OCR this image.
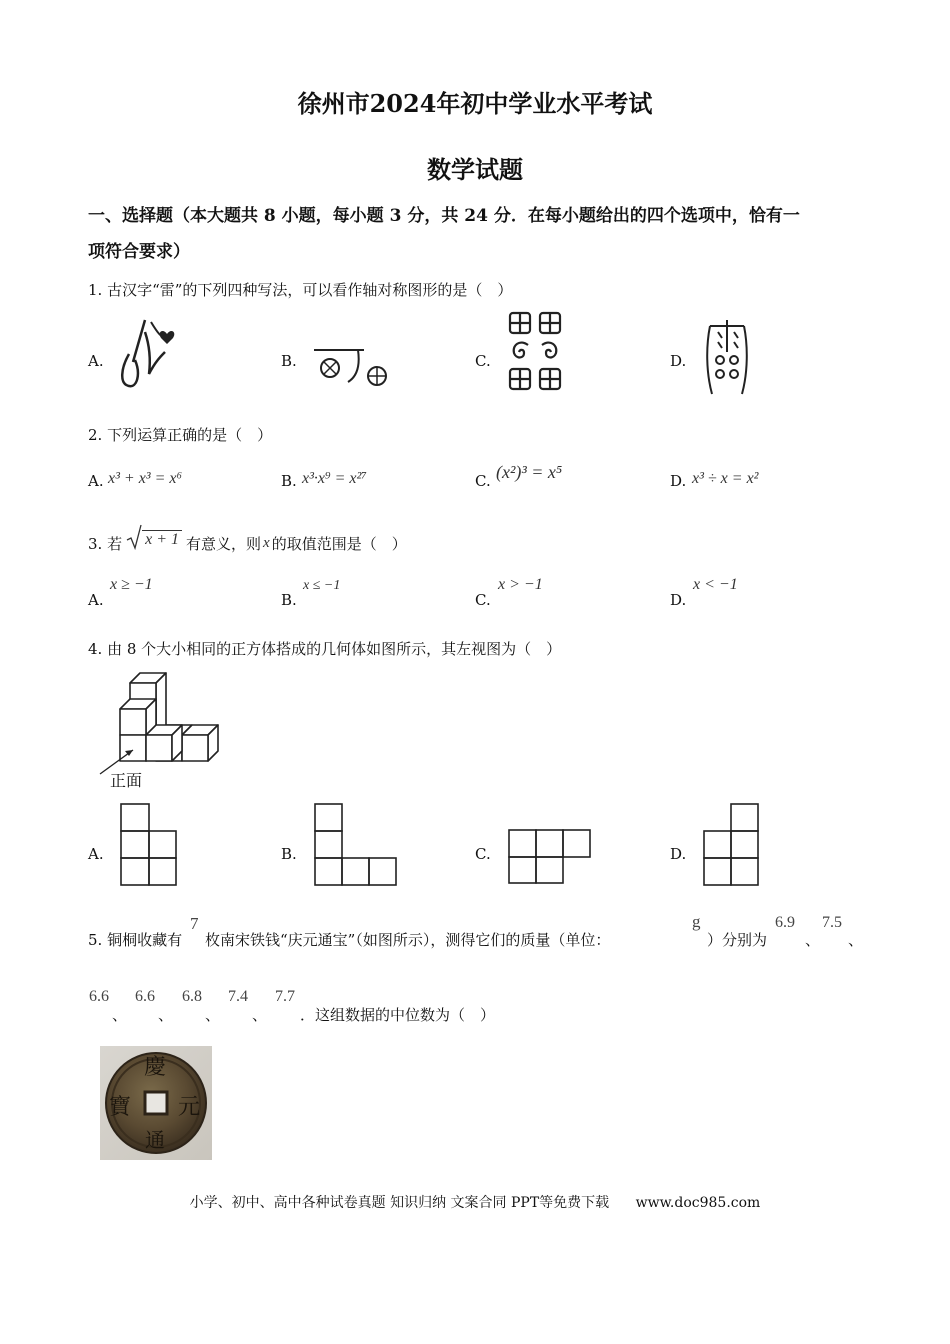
徐州市2024年初中学业水平考试
数学试题
一、选择题（本大题共 8 小题，每小题 3 分，共 24 分．在每小题给出的四个选项中，恰有一
项符合要求）
1. 古汉字“雷”的下列四种写法，可以看作轴对称图形的是（　）
A.	B.	C.	D.
2. 下列运算正确的是（　）
A. x³ + x³ = x⁶	B. x³·x⁹ = x²⁷	C. (x²)³ = x⁵	D. x³ ÷ x = x²
3. 若 x + 1 有意义，则 x 的取值范围是（　）
A.
x ≥ −1
B.
x ≤ −1
C.
x > −1
D.
x < −1
4. 由 8 个大小相同的正方体搭成的几何体如图所示，其左视图为（　）
正面
A.	B.	C.	D.
5. 铜桐收藏有
7
枚南宋铁钱“庆元通宝”（如图所示），测得它们的质量（单位：
g
）分别为
6.9
、
7.5
、
6.6
、
6.6
、
6.8
、
7.4
、
7.7
．这组数据的中位数为（　）
慶
元
通
寶
小学、初中、高中各种试卷真题 知识归纳 文案合同 PPT等免费下载 www.doc985.com
